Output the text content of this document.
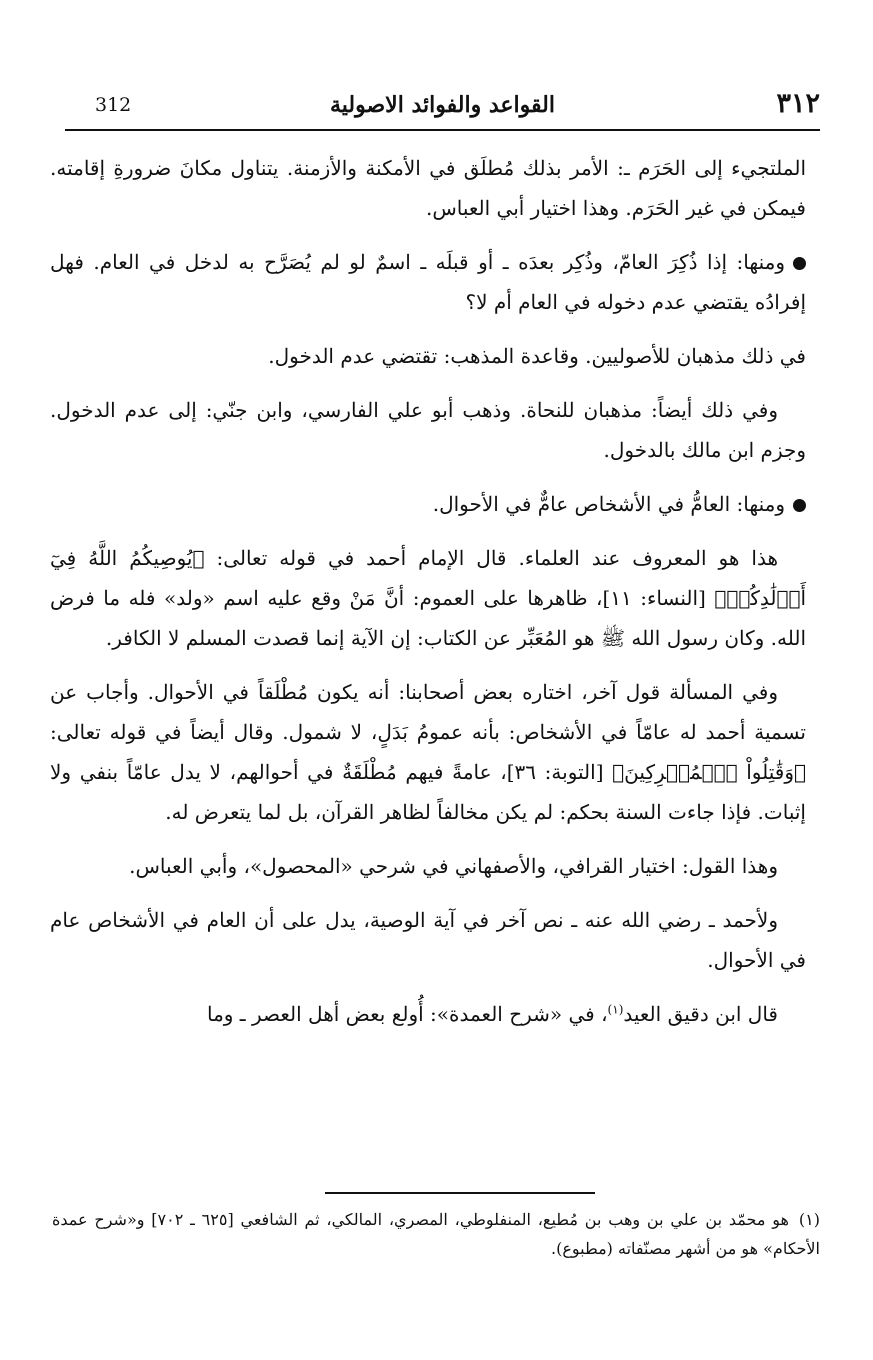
٣١٢
القواعد والفوائد الاصولية
312

الملتجيء إلى الحَرَم ـ: الأمر بذلك مُطلَق في الأمكنة والأزمنة. يتناول مكانَ ضرورةِ إقامته. فيمكن في غير الحَرَم. وهذا اختيار أبي العباس.

ومنها: إذا ذُكِرَ العامّ، وذُكِر بعدَه ـ أو قبلَه ـ اسمٌ لو لم يُصَرَّح به لدخل في العام. فهل إفرادُه يقتضي عدم دخوله في العام أم لا؟

في ذلك مذهبان للأصوليين. وقاعدة المذهب: تقتضي عدم الدخول.

وفي ذلك أيضاً: مذهبان للنحاة. وذهب أبو علي الفارسي، وابن جنّي: إلى عدم الدخول. وجزم ابن مالك بالدخول.

ومنها: العامُّ في الأشخاص عامٌّ في الأحوال.

هذا هو المعروف عند العلماء. قال الإمام أحمد في قوله تعالى: ﴿يُوصِيكُمُ اللَّهُ فِيٓ أَوۡلَٰدِكُمۡ﴾ [النساء: ١١]، ظاهرها على العموم: أنَّ مَنْ وقع عليه اسم «ولد» فله ما فرض الله. وكان رسول الله ﷺ هو المُعَبِّر عن الكتاب: إن الآية إنما قصدت المسلم لا الكافر.

وفي المسألة قول آخر، اختاره بعض أصحابنا: أنه يكون مُطْلَقاً في الأحوال. وأجاب عن تسمية أحمد له عامّاً في الأشخاص: بأنه عمومُ بَدَلٍ، لا شمول. وقال أيضاً في قوله تعالى: ﴿وَقَٰتِلُواْ ٱلۡمُشۡرِكِينَ﴾ [التوبة: ٣٦]، عامةً فيهم مُطْلَقَةٌ في أحوالهم، لا يدل عامّاً بنفي ولا إثبات. فإذا جاءت السنة بحكم: لم يكن مخالفاً لظاهر القرآن، بل لما يتعرض له.

وهذا القول: اختيار القرافي، والأصفهاني في شرحي «المحصول»، وأبي العباس.

ولأحمد ـ رضي الله عنه ـ نص آخر في آية الوصية، يدل على أن العام في الأشخاص عام في الأحوال.

قال ابن دقيق العيد$^{(١)}$، في «شرح العمدة»: أُولع بعض أهل العصر ـ وما

(١)هو محمّد بن علي بن وهب بن مُطيع، المنفلوطي، المصري، المالكي، ثم الشافعي [٦٢٥ ـ ٧٠٢] و«شرح عمدة الأحكام» هو من أشهر مصنّفاته (مطبوع).
